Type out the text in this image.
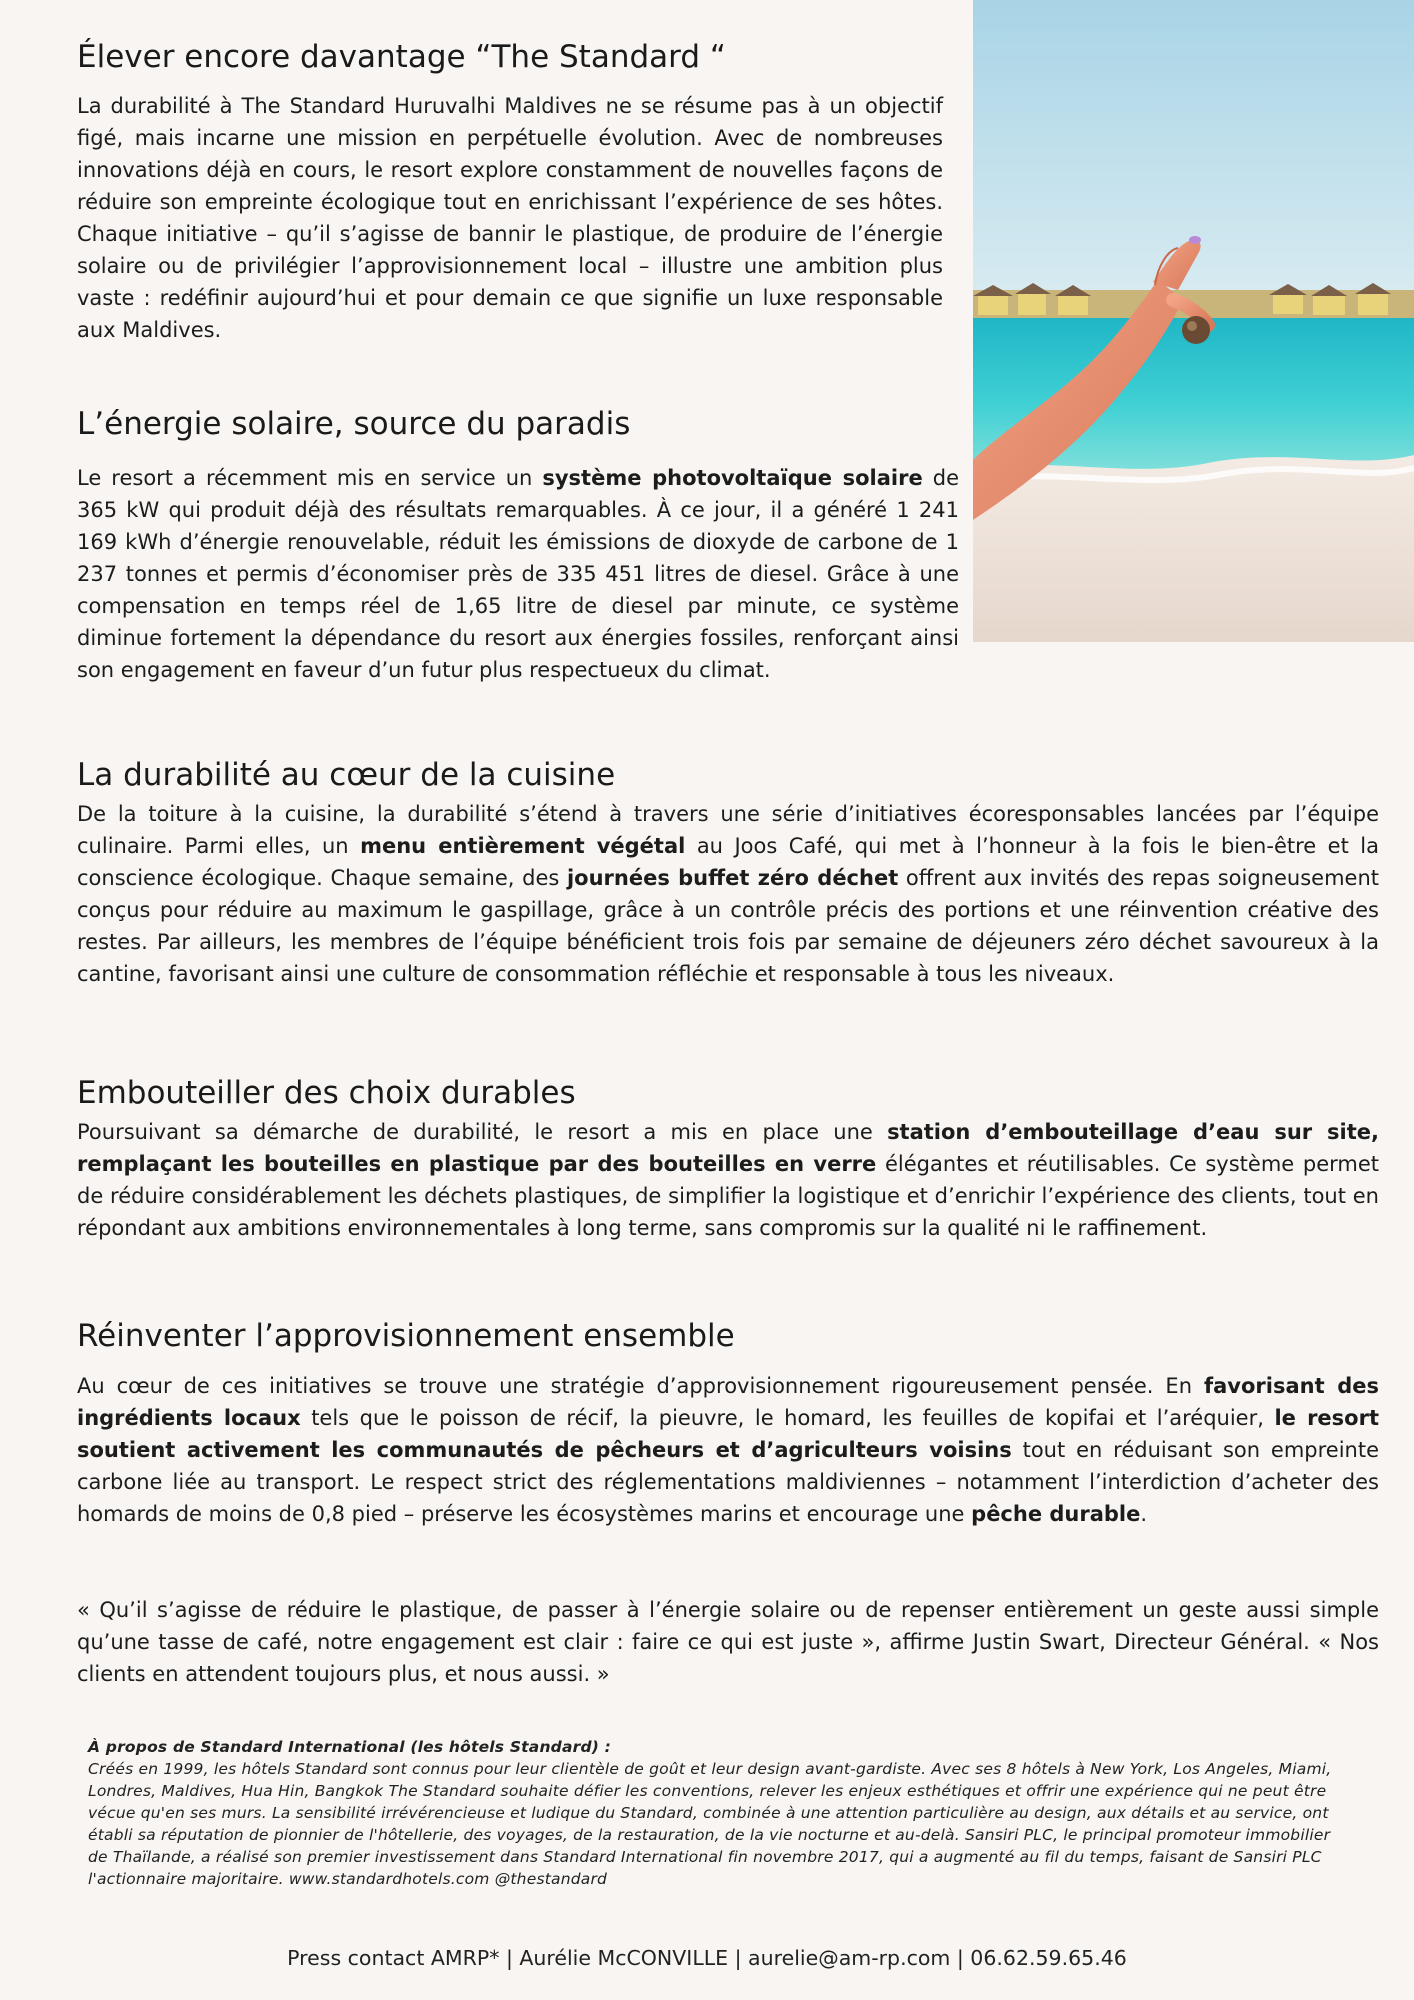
Élever encore davantage “The Standard “

La durabilité à The Standard Huruvalhi Maldives ne se résume pas à un objectif figé, mais incarne une mission en perpétuelle évolution. Avec de nombreuses innovations déjà en cours, le resort explore constamment de nouvelles façons de réduire son empreinte écologique tout en enrichissant l’expérience de ses hôtes. Chaque initiative – qu’il s’agisse de bannir le plastique, de produire de l’énergie solaire ou de privilégier l’approvisionnement local – illustre une ambition plus vaste : redéfinir aujourd’hui et pour demain ce que signifie un luxe responsable aux Maldives.

L’énergie solaire, source du paradis

Le resort a récemment mis en service un système photovoltaïque solaire de 365 kW qui produit déjà des résultats remarquables. À ce jour, il a généré 1 241 169 kWh d’énergie renouvelable, réduit les émissions de dioxyde de carbone de 1 237 tonnes et permis d’économiser près de 335 451 litres de diesel. Grâce à une compensation en temps réel de 1,65 litre de diesel par minute, ce système diminue fortement la dépendance du resort aux énergies fossiles, renforçant ainsi son engagement en faveur d’un futur plus respectueux du climat.

La durabilité au cœur de la cuisine

De la toiture à la cuisine, la durabilité s’étend à travers une série d’initiatives écoresponsables lancées par l’équipe culinaire. Parmi elles, un menu entièrement végétal au Joos Café, qui met à l’honneur à la fois le bien-être et la conscience écologique. Chaque semaine, des journées buffet zéro déchet offrent aux invités des repas soigneusement conçus pour réduire au maximum le gaspillage, grâce à un contrôle précis des portions et une réinvention créative des restes. Par ailleurs, les membres de l’équipe bénéficient trois fois par semaine de déjeuners zéro déchet savoureux à la cantine, favorisant ainsi une culture de consommation réfléchie et responsable à tous les niveaux.

Embouteiller des choix durables

Poursuivant sa démarche de durabilité, le resort a mis en place une station d’embouteillage d’eau sur site, remplaçant les bouteilles en plastique par des bouteilles en verre élégantes et réutilisables. Ce système permet de réduire considérablement les déchets plastiques, de simplifier la logistique et d’enrichir l’expérience des clients, tout en répondant aux ambitions environnementales à long terme, sans compromis sur la qualité ni le raffinement.

Réinventer l’approvisionnement ensemble

Au cœur de ces initiatives se trouve une stratégie d’approvisionnement rigoureusement pensée. En favorisant des ingrédients locaux tels que le poisson de récif, la pieuvre, le homard, les feuilles de kopifai et l’aréquier, le resort soutient activement les communautés de pêcheurs et d’agriculteurs voisins tout en réduisant son empreinte carbone liée au transport. Le respect strict des réglementations maldiviennes – notamment l’interdiction d’acheter des homards de moins de 0,8 pied – préserve les écosystèmes marins et encourage une pêche durable.

« Qu’il s’agisse de réduire le plastique, de passer à l’énergie solaire ou de repenser entièrement un geste aussi simple qu’une tasse de café, notre engagement est clair : faire ce qui est juste », affirme Justin Swart, Directeur Général. « Nos clients en attendent toujours plus, et nous aussi. »

À propos de Standard International (les hôtels Standard) :
Créés en 1999, les hôtels Standard sont connus pour leur clientèle de goût et leur design avant-gardiste. Avec ses 8 hôtels à New York, Los Angeles, Miami, Londres, Maldives, Hua Hin, Bangkok The Standard souhaite défier les conventions, relever les enjeux esthétiques et offrir une expérience qui ne peut être vécue qu'en ses murs. La sensibilité irrévérencieuse et ludique du Standard, combinée à une attention particulière au design, aux détails et au service, ont établi sa réputation de pionnier de l'hôtellerie, des voyages, de la restauration, de la vie nocturne et au-delà. Sansiri PLC, le principal promoteur immobilier de Thaïlande, a réalisé son premier investissement dans Standard International fin novembre 2017, qui a augmenté au fil du temps, faisant de Sansiri PLC l'actionnaire majoritaire. www.standardhotels.com @thestandard
Press contact AMRP* | Aurélie McCONVILLE | aurelie@am-rp.com | 06.62.59.65.46
